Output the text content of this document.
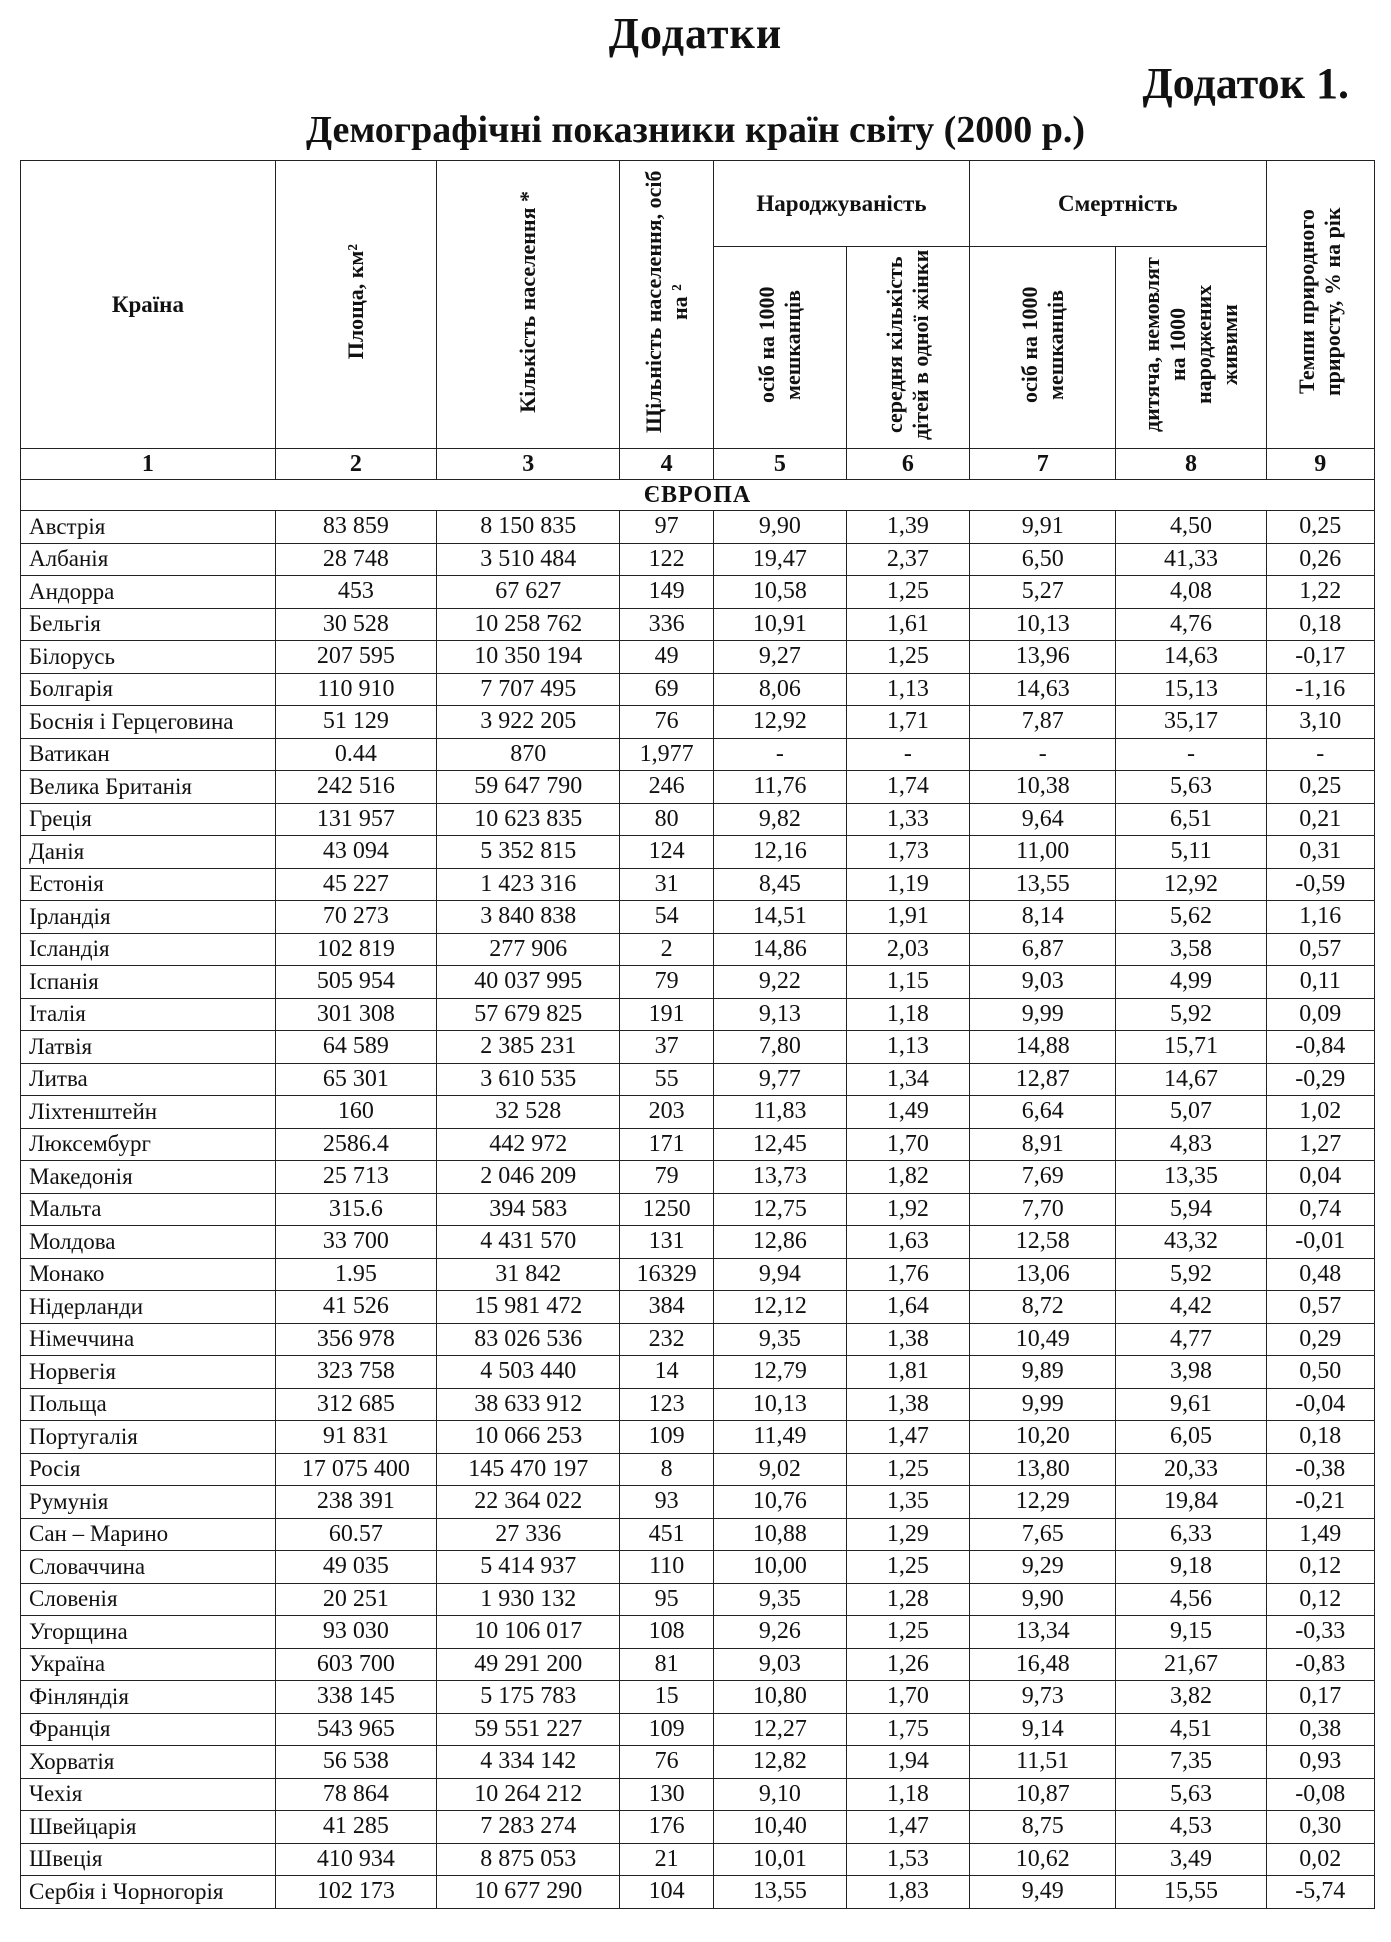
Додатки
Додаток 1.
Демографічні показники країн світу (2000 р.)
Країна	Площа, км²	Кількість населення *	Щільність населення, осіб на ²	Народжуваність		Смертність		Темпи природного приросту, % на рік
				осіб на 1000 мешканців	середня кількість дітей в одної жінки	осіб на 1000 мешканців	дитяча, немовлят на 1000 народжених живими	
1	2	3	4	5	6	7	8	9
ЄВРОПА								
Австрія	83 859	8 150 835	97	9,90	1,39	9,91	4,50	0,25
Албанія	28 748	3 510 484	122	19,47	2,37	6,50	41,33	0,26
Андорра	453	67 627	149	10,58	1,25	5,27	4,08	1,22
Бельгія	30 528	10 258 762	336	10,91	1,61	10,13	4,76	0,18
Білорусь	207 595	10 350 194	49	9,27	1,25	13,96	14,63	-0,17
Болгарія	110 910	7 707 495	69	8,06	1,13	14,63	15,13	-1,16
Боснія і Герцеговина	51 129	3 922 205	76	12,92	1,71	7,87	35,17	3,10
Ватикан	0.44	870	1,977	-	-	-	-	-
Велика Британія	242 516	59 647 790	246	11,76	1,74	10,38	5,63	0,25
Греція	131 957	10 623 835	80	9,82	1,33	9,64	6,51	0,21
Данія	43 094	5 352 815	124	12,16	1,73	11,00	5,11	0,31
Естонія	45 227	1 423 316	31	8,45	1,19	13,55	12,92	-0,59
Ірландія	70 273	3 840 838	54	14,51	1,91	8,14	5,62	1,16
Ісландія	102 819	277 906	2	14,86	2,03	6,87	3,58	0,57
Іспанія	505 954	40 037 995	79	9,22	1,15	9,03	4,99	0,11
Італія	301 308	57 679 825	191	9,13	1,18	9,99	5,92	0,09
Латвія	64 589	2 385 231	37	7,80	1,13	14,88	15,71	-0,84
Литва	65 301	3 610 535	55	9,77	1,34	12,87	14,67	-0,29
Ліхтенштейн	160	32 528	203	11,83	1,49	6,64	5,07	1,02
Люксембург	2586.4	442 972	171	12,45	1,70	8,91	4,83	1,27
Македонія	25 713	2 046 209	79	13,73	1,82	7,69	13,35	0,04
Мальта	315.6	394 583	1250	12,75	1,92	7,70	5,94	0,74
Молдова	33 700	4 431 570	131	12,86	1,63	12,58	43,32	-0,01
Монако	1.95	31 842	16329	9,94	1,76	13,06	5,92	0,48
Нідерланди	41 526	15 981 472	384	12,12	1,64	8,72	4,42	0,57
Німеччина	356 978	83 026 536	232	9,35	1,38	10,49	4,77	0,29
Норвегія	323 758	4 503 440	14	12,79	1,81	9,89	3,98	0,50
Польща	312 685	38 633 912	123	10,13	1,38	9,99	9,61	-0,04
Португалія	91 831	10 066 253	109	11,49	1,47	10,20	6,05	0,18
Росія	17 075 400	145 470 197	8	9,02	1,25	13,80	20,33	-0,38
Румунія	238 391	22 364 022	93	10,76	1,35	12,29	19,84	-0,21
Сан – Марино	60.57	27 336	451	10,88	1,29	7,65	6,33	1,49
Словаччина	49 035	5 414 937	110	10,00	1,25	9,29	9,18	0,12
Словенія	20 251	1 930 132	95	9,35	1,28	9,90	4,56	0,12
Угорщина	93 030	10 106 017	108	9,26	1,25	13,34	9,15	-0,33
Україна	603 700	49 291 200	81	9,03	1,26	16,48	21,67	-0,83
Фінляндія	338 145	5 175 783	15	10,80	1,70	9,73	3,82	0,17
Франція	543 965	59 551 227	109	12,27	1,75	9,14	4,51	0,38
Хорватія	56 538	4 334 142	76	12,82	1,94	11,51	7,35	0,93
Чехія	78 864	10 264 212	130	9,10	1,18	10,87	5,63	-0,08
Швейцарія	41 285	7 283 274	176	10,40	1,47	8,75	4,53	0,30
Швеція	410 934	8 875 053	21	10,01	1,53	10,62	3,49	0,02
Сербія і Чорногорія	102 173	10 677 290	104	13,55	1,83	9,49	15,55	-5,74
